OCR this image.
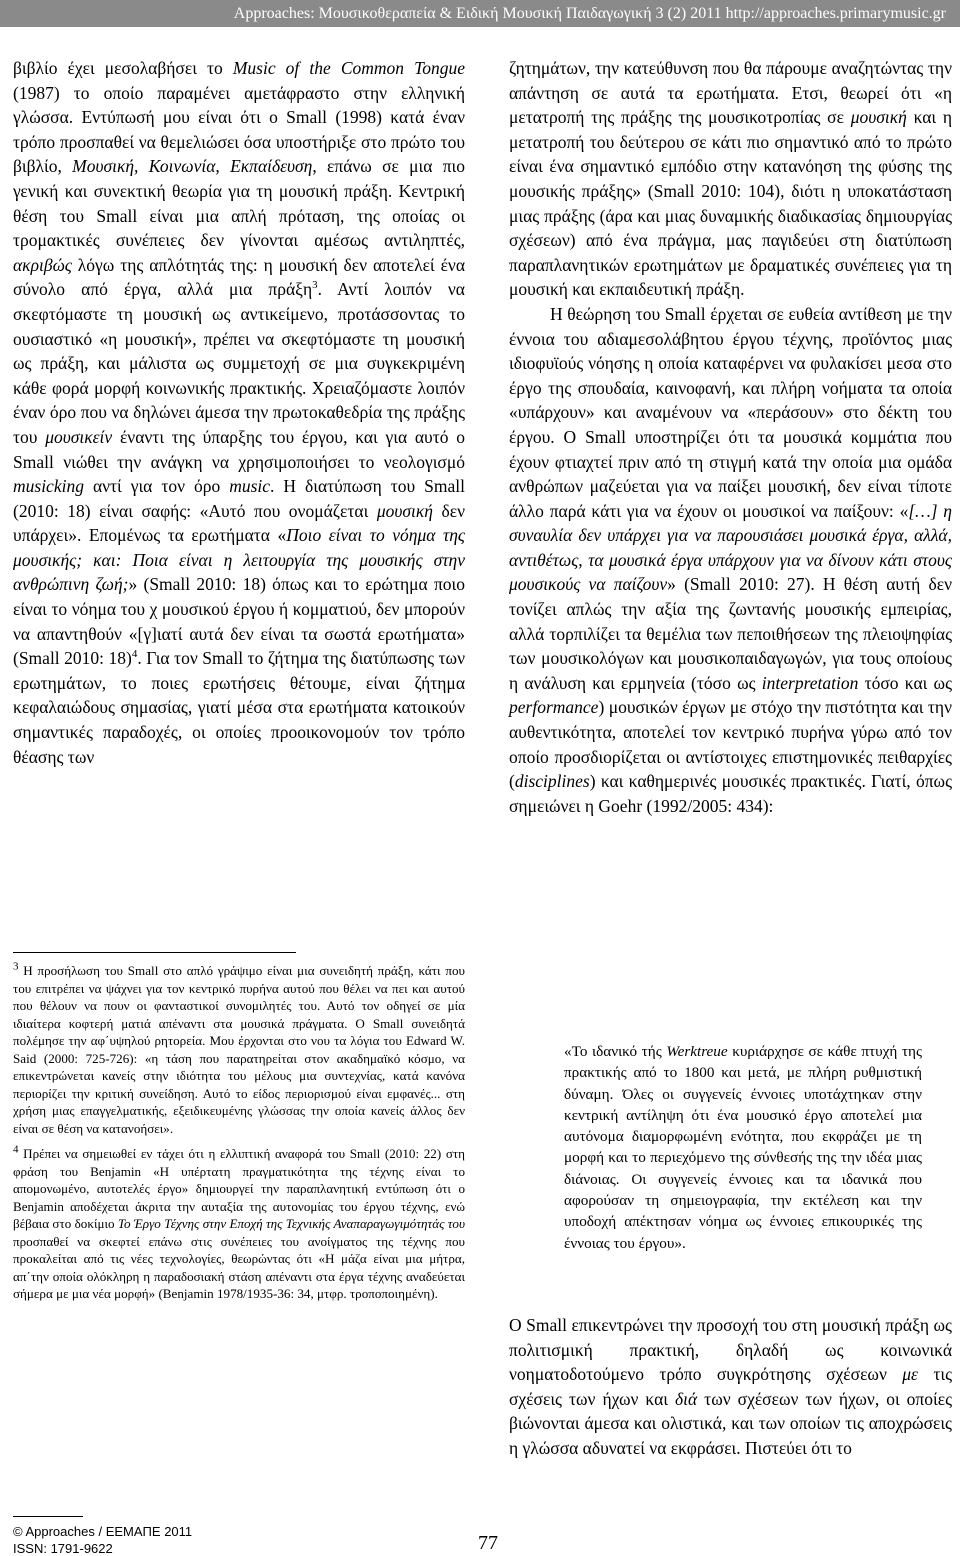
Approaches: Μουσικοθεραπεία & Ειδική Μουσική Παιδαγωγική 3 (2) 2011 http://approaches.primarymusic.gr

βιβλίο έχει μεσολαβήσει το Music of the Common Tongue (1987) το οποίο παραμένει αμετάφραστο στην ελληνική γλώσσα. Εντύπωσή μου είναι ότι ο Small (1998) κατά έναν τρόπο προσπαθεί να θεμελιώσει όσα υποστήριξε στο πρώτο του βιβλίο, Μουσική, Κοινωνία, Εκπαίδευση, επάνω σε μια πιο γενική και συνεκτική θεωρία για τη μουσική πράξη. Κεντρική θέση του Small είναι μια απλή πρόταση, της οποίας οι τρομακτικές συνέπειες δεν γίνονται αμέσως αντιληπτές, ακριβώς λόγω της απλότητάς της: η μουσική δεν αποτελεί ένα σύνολο από έργα, αλλά μια πράξη$^3$. Αντί λοιπόν να σκεφτόμαστε τη μουσική ως αντικείμενο, προτάσσοντας το ουσιαστικό «η μουσική», πρέπει να σκεφτόμαστε τη μουσική ως πράξη, και μάλιστα ως συμμετοχή σε μια συγκεκριμένη κάθε φορά μορφή κοινωνικής πρακτικής. Χρειαζόμαστε λοιπόν έναν όρο που να δηλώνει άμεσα την πρωτοκαθεδρία της πράξης του μουσικείν έναντι της ύπαρξης του έργου, και για αυτό ο Small νιώθει την ανάγκη να χρησιμοποιήσει το νεολογισμό musicking αντί για τον όρο music. Η διατύπωση του Small (2010: 18) είναι σαφής: «Αυτό που ονομάζεται μουσική δεν υπάρχει». Επομένως τα ερωτήματα «Ποιο είναι το νόημα της μουσικής; και: Ποια είναι η λειτουργία της μουσικής στην ανθρώπινη ζωή;» (Small 2010: 18) όπως και το ερώτημα ποιο είναι το νόημα του χ μουσικού έργου ή κομματιού, δεν μπορούν να απαντηθούν «[γ]ιατί αυτά δεν είναι τα σωστά ερωτήματα» (Small 2010: 18)$^4$. Για τον Small το ζήτημα της διατύπωσης των ερωτημάτων, το ποιες ερωτήσεις θέτουμε, είναι ζήτημα κεφαλαιώδους σημασίας, γιατί μέσα στα ερωτήματα κατοικούν σημαντικές παραδοχές, οι οποίες προοικονομούν τον τρόπο θέασης των

$^3$ Η προσήλωση του Small στο απλό γράψιμο είναι μια συνειδητή πράξη, κάτι που του επιτρέπει να ψάχνει για τον κεντρικό πυρήνα αυτού που θέλει να πει και αυτού που θέλουν να πουν οι φανταστικοί συνομιλητές του. Αυτό τον οδηγεί σε μία ιδιαίτερα κοφτερή ματιά απέναντι στα μουσικά πράγματα. Ο Small συνειδητά πολέμησε την αφ΄υψηλού ρητορεία. Μου έρχονται στο νου τα λόγια του Edward W. Said (2000: 725-726): «η τάση που παρατηρείται στον ακαδημαϊκό κόσμο, να επικεντρώνεται κανείς στην ιδιότητα του μέλους μια συντεχνίας, κατά κανόνα περιορίζει την κριτική συνείδηση. Αυτό το είδος περιορισμού είναι εμφανές... στη χρήση μιας επαγγελματικής, εξειδικευμένης γλώσσας την οποία κανείς άλλος δεν είναι σε θέση να κατανοήσει».

$^4$ Πρέπει να σημειωθεί εν τάχει ότι η ελλιπτική αναφορά του Small (2010: 22) στη φράση του Benjamin «Η υπέρτατη πραγματικότητα της τέχνης είναι το απομονωμένο, αυτοτελές έργο» δημιουργεί την παραπλανητική εντύπωση ότι ο Benjamin αποδέχεται άκριτα την αυταξία της αυτονομίας του έργου τέχνης, ενώ βέβαια στο δοκίμιο Το Έργο Τέχνης στην Εποχή της Τεχνικής Αναπαραγωγιμότητάς του προσπαθεί να σκεφτεί επάνω στις συνέπειες του ανοίγματος της τέχνης που προκαλείται από τις νέες τεχνολογίες, θεωρώντας ότι «Η μάζα είναι μια μήτρα, απ΄την οποία ολόκληρη η παραδοσιακή στάση απέναντι στα έργα τέχνης αναδεύεται σήμερα με μια νέα μορφή» (Benjamin 1978/1935-36: 34, μτφρ. τροποποιημένη).

ζητημάτων, την κατεύθυνση που θα πάρουμε αναζητώντας την απάντηση σε αυτά τα ερωτήματα. Ετσι, θεωρεί ότι «η μετατροπή της πράξης της μουσικοτροπίας σε μουσική και η μετατροπή του δεύτερου σε κάτι πιο σημαντικό από το πρώτο είναι ένα σημαντικό εμπόδιο στην κατανόηση της φύσης της μουσικής πράξης» (Small 2010: 104), διότι η υποκατάσταση μιας πράξης (άρα και μιας δυναμικής διαδικασίας δημιουργίας σχέσεων) από ένα πράγμα, μας παγιδεύει στη διατύπωση παραπλανητικών ερωτημάτων με δραματικές συνέπειες για τη μουσική και εκπαιδευτική πράξη.

Η θεώρηση του Small έρχεται σε ευθεία αντίθεση με την έννοια του αδιαμεσολάβητου έργου τέχνης, προϊόντος μιας ιδιοφυϊούς νόησης η οποία καταφέρνει να φυλακίσει μεσα στο έργο της σπουδαία, καινοφανή, και πλήρη νοήματα τα οποία «υπάρχουν» και αναμένουν να «περάσουν» στο δέκτη του έργου. Ο Small υποστηρίζει ότι τα μουσικά κομμάτια που έχουν φτιαχτεί πριν από τη στιγμή κατά την οποία μια ομάδα ανθρώπων μαζεύεται για να παίξει μουσική, δεν είναι τίποτε άλλο παρά κάτι για να έχουν οι μουσικοί να παίξουν: «[…] η συναυλία δεν υπάρχει για να παρουσιάσει μουσικά έργα, αλλά, αντιθέτως, τα μουσικά έργα υπάρχουν για να δίνουν κάτι στους μουσικούς να παίζουν» (Small 2010: 27). Η θέση αυτή δεν τονίζει απλώς την αξία της ζωντανής μουσικής εμπειρίας, αλλά τορπιλίζει τα θεμέλια των πεποιθήσεων της πλειοψηφίας των μουσικολόγων και μουσικοπαιδαγωγών, για τους οποίους η ανάλυση και ερμηνεία (τόσο ως interpretation τόσο και ως performance) μουσικών έργων με στόχο την πιστότητα και την αυθεντικότητα, αποτελεί τον κεντρικό πυρήνα γύρω από τον οποίο προσδιορίζεται οι αντίστοιχες επιστημονικές πειθαρχίες (disciplines) και καθημερινές μουσικές πρακτικές. Γιατί, όπως σημειώνει η Goehr (1992/2005: 434):

«Το ιδανικό τής Werktreue κυριάρχησε σε κάθε πτυχή της πρακτικής από το 1800 και μετά, με πλήρη ρυθμιστική δύναμη. Όλες οι συγγενείς έννοιες υποτάχτηκαν στην κεντρική αντίληψη ότι ένα μουσικό έργο αποτελεί μια αυτόνομα διαμορφωμένη ενότητα, που εκφράζει με τη μορφή και το περιεχόμενο της σύνθεσής της την ιδέα μιας διάνοιας. Οι συγγενείς έννοιες και τα ιδανικά που αφορούσαν τη σημειογραφία, την εκτέλεση και την υποδοχή απέκτησαν νόημα ως έννοιες επικουρικές της έννοιας του έργου».

Ο Small επικεντρώνει την προσοχή του στη μουσική πράξη ως πολιτισμική πρακτική, δηλαδή ως κοινωνικά νοηματοδοτούμενο τρόπο συγκρότησης σχέσεων με τις σχέσεις των ήχων και διά των σχέσεων των ήχων, οι οποίες βιώνονται άμεσα και ολιστικά, και των οποίων τις αποχρώσεις η γλώσσα αδυνατεί να εκφράσει. Πιστεύει ότι το

© Approaches / ΕΕΜΑΠΕ 2011
ISSN: 1791-9622	77
